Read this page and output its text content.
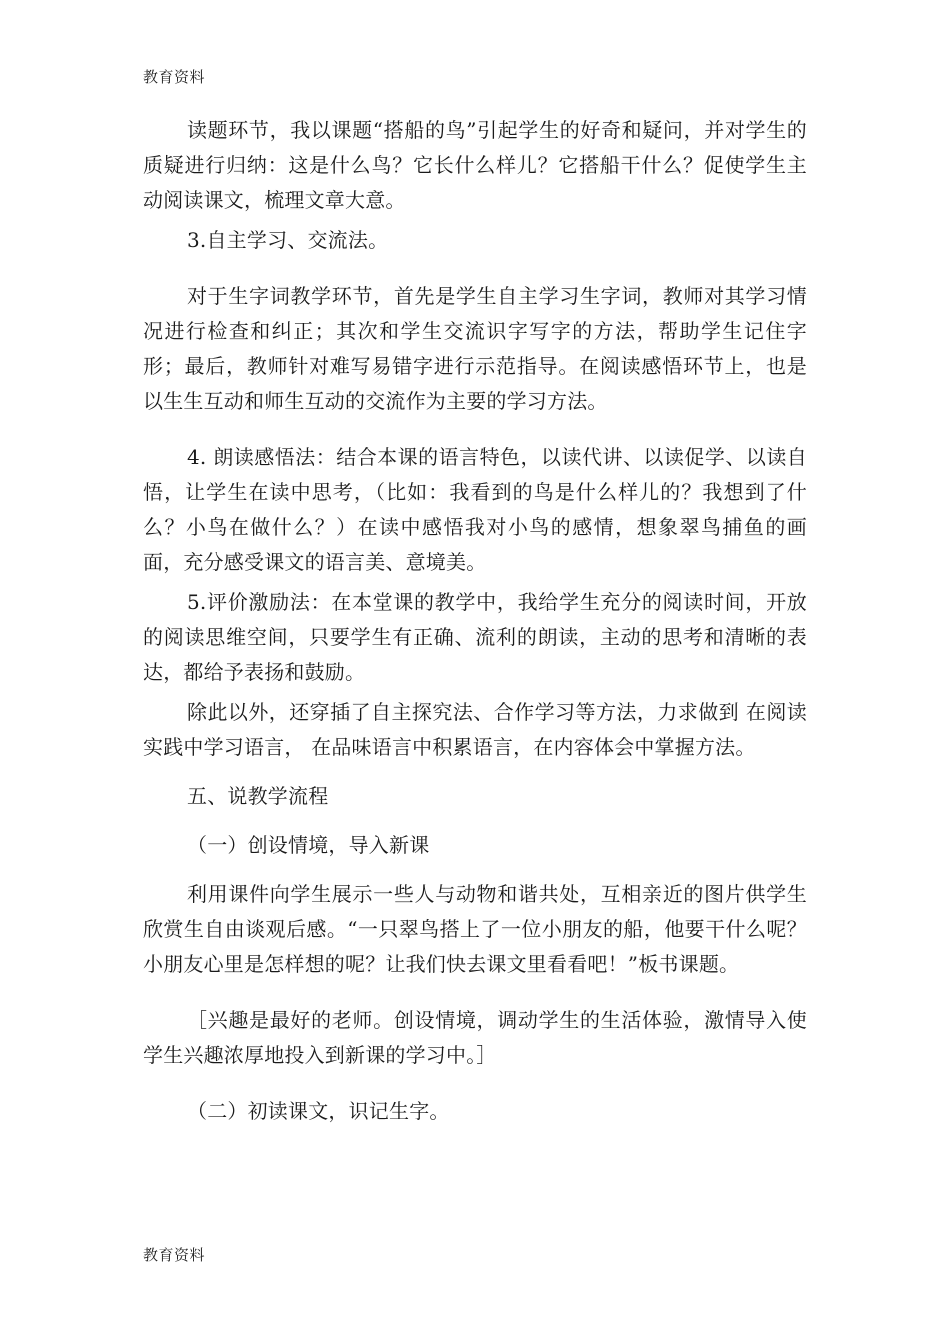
教育资料

读题环节，我以课题“搭船的鸟”引起学生的好奇和疑问，并对学生的质疑进行归纳：这是什么鸟？它长什么样儿？它搭船干什么？促使学生主动阅读课文，梳理文章大意。

3.自主学习、交流法。

对于生字词教学环节，首先是学生自主学习生字词，教师对其学习情况进行检查和纠正；其次和学生交流识字写字的方法，帮助学生记住字形；最后，教师针对难写易错字进行示范指导。在阅读感悟环节上，也是以生生互动和师生互动的交流作为主要的学习方法。

4. 朗读感悟法：结合本课的语言特色，以读代讲、以读促学、以读自悟，让学生在读中思考，（比如：我看到的鸟是什么样儿的？我想到了什么？小鸟在做什么？）在读中感悟我对小鸟的感情，想象翠鸟捕鱼的画面，充分感受课文的语言美、意境美。

5.评价激励法：在本堂课的教学中，我给学生充分的阅读时间，开放的阅读思维空间，只要学生有正确、流利的朗读，主动的思考和清晰的表达，都给予表扬和鼓励。

除此以外，还穿插了自主探究法、合作学习等方法，力求做到 在阅读实践中学习语言， 在品味语言中积累语言，在内容体会中掌握方法。

五、说教学流程

（一）创设情境，导入新课

利用课件向学生展示一些人与动物和谐共处，互相亲近的图片供学生欣赏生自由谈观后感。“一只翠鸟搭上了一位小朋友的船，他要干什么呢？小朋友心里是怎样想的呢？让我们快去课文里看看吧！”板书课题。

［兴趣是最好的老师。创设情境，调动学生的生活体验，激情导入使学生兴趣浓厚地投入到新课的学习中。］

（二）初读课文，识记生字。

教育资料
